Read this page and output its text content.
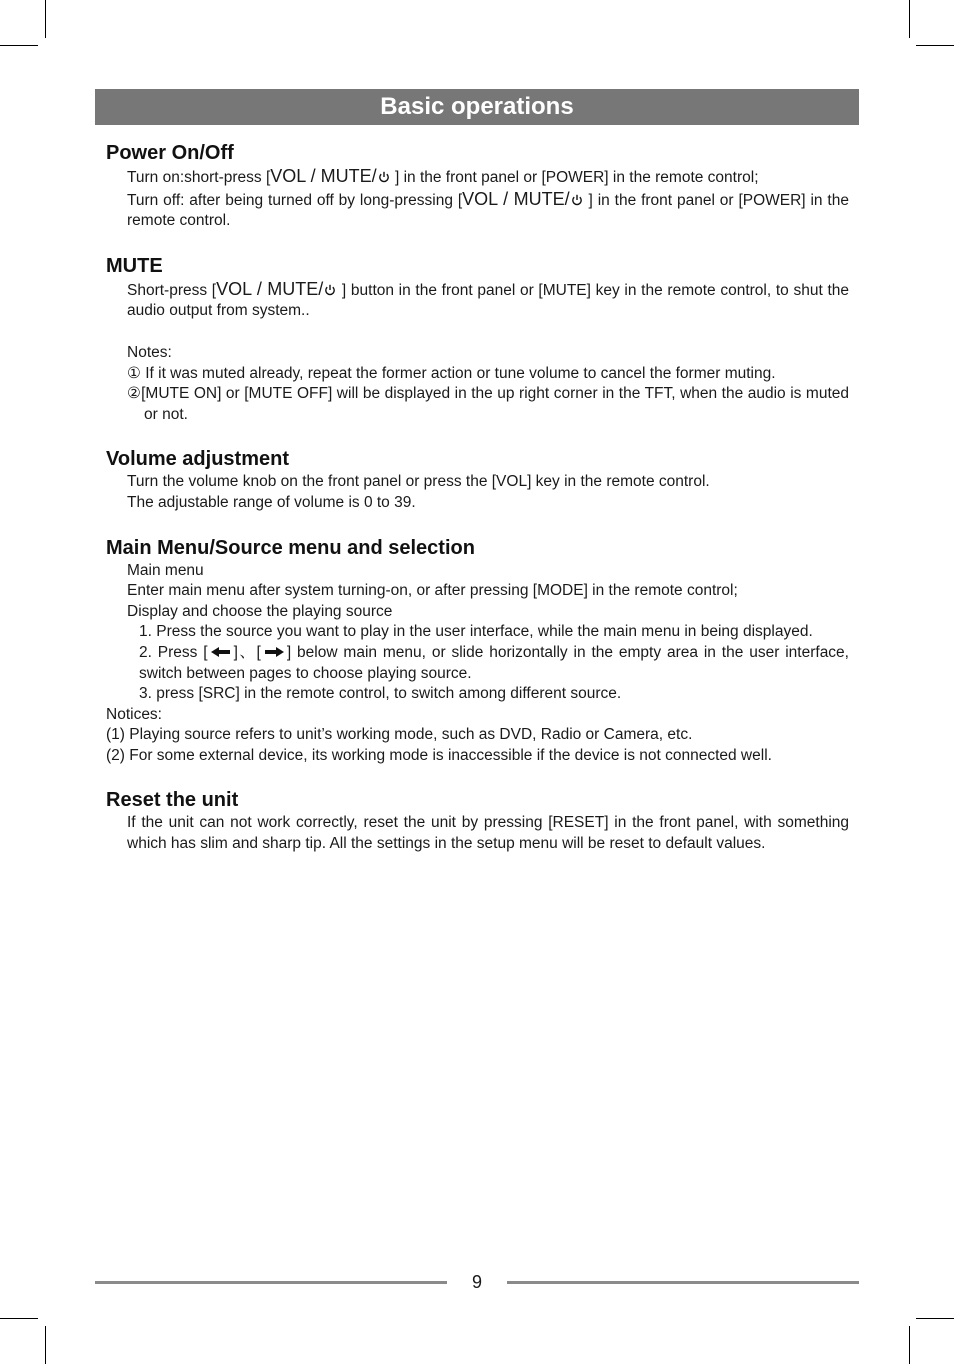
Basic operations

Power On/Off

Turn on:short-press [VOL / MUTE/ ] in the front panel or [POWER] in the remote control;

Turn off: after being turned off by long-pressing [VOL / MUTE/ ] in the front panel or [POWER] in the remote control.

MUTE

Short-press [VOL / MUTE/ ] button in the front panel or [MUTE] key in the remote control, to shut the audio output from system..

Notes:

① If it was muted already, repeat the former action or tune volume to cancel the former muting.

②[MUTE ON] or [MUTE OFF] will be displayed in the up right corner in the TFT, when the audio is muted or not.

Volume adjustment

Turn the volume knob on the front panel or press the [VOL] key in the remote control.

The adjustable range of volume is 0 to 39.

Main Menu/Source menu and selection

Main menu

Enter main menu after system turning-on, or after pressing [MODE] in the remote control;

Display and choose the playing source

1. Press the source you want to play in the user interface, while the main menu in being displayed.

2. Press [ ]、[ ] below main menu, or slide horizontally in the empty area in the user interface, switch between pages to choose playing source.

3. press [SRC] in the remote control, to switch among different source.

Notices:

(1) Playing source refers to unit’s working mode, such as DVD, Radio or Camera, etc.

(2) For some external device, its working mode is inaccessible if the device is not connected well.

Reset the unit

If the unit can not work correctly, reset the unit by pressing [RESET] in the front panel, with something which has slim and sharp tip. All the settings in the setup menu will be reset to default values.

9
